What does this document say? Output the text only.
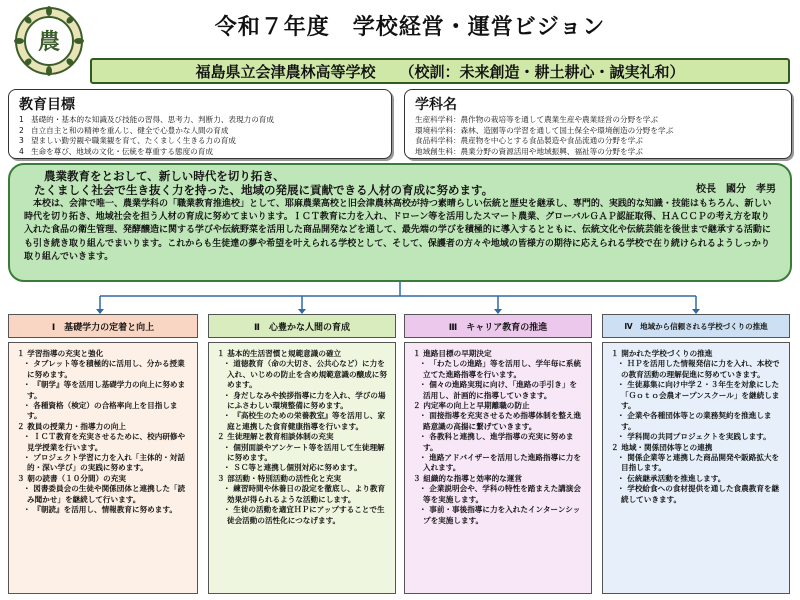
農
令和７年度　学校経営・運営ビジョン
福島県立会津農林高等学校 （校訓：未来創造・耕土耕心・誠実礼和）
教育目標
1 基礎的・基本的な知識及び技能の習得、思考力、判断力、表現力の育成
2 自立自主と和の精神を重んじ、健全で心豊かな人間の育成
3 望ましい勤労観や職業観を育て、たくましく生きる力の育成
4 生命を尊び、地域の文化・伝統を尊重する態度の育成
学科名
生産科学科：農作物の栽培等を通して農業生産や農業経営の分野を学ぶ
環境科学科：森林、造園等の学習を通して国土保全や環境創造の分野を学ぶ
食品科学科：農産物を中心とする食品製造や食品流通の分野を学ぶ
地域創生科：農業分野の資源活用や地域振興、福祉等の分野を学ぶ
農業教育をとおして、新しい時代を切り拓き、
たくましく社会で生き抜く力を持った、地域の発展に貢献できる人材の育成に努めます。	校長　國分　孝男
本校は、会津で唯一、農業学科の「職業教育推進校」として、耶麻農業高校と旧会津農林高校が持つ素晴らしい伝統と歴史を継承し、専門的、実践的な知識・技能はもちろん、新しい時代を切り拓き、地域社会を担う人材の育成に努めてまいります。ＩＣＴ教育に力を入れ、ドローン等を活用したスマート農業、グローバルＧＡＰ認証取得、ＨＡＣＣＰの考え方を取り入れた食品の衛生管理、発酵醸造に関する学びや伝統野菜を活用した商品開発などを通して、最先端の学びを積極的に導入するとともに、伝統文化や伝統芸能を後世まで継承する活動にも引き続き取り組んでまいります。これからも生徒達の夢や希望を叶えられる学校として、そして、保護者の方々や地域の皆様方の期待に応えられる学校で在り続けられるようしっかり取り組んでいきます。
Ⅰ　基礎学力の定着と向上	Ⅱ　心豊かな人間の育成	Ⅲ　キャリア教育の推進	Ⅳ　地域から信頼される学校づくりの推進
１ 学習指導の充実と強化
・ タブレット等を積極的に活用し、分かる授業に努めます。
・ 『朝学』等を活用し基礎学力の向上に努めます。
・ 各種資格（検定）の合格率向上を目指します。
２ 教員の授業力・指導力の向上
・ ＩＣＴ教育を充実させるために、校内研修や見学授業を行います。
・ プロジェクト学習に力を入れ「主体的・対話的・深い学び」の実践に努めます。
３ 朝の読書（１０分間）の充実
・ 図書委員会の生徒や関係団体と連携した「読み聞かせ」を継続して行います。
・ 『朝読』を活用し、情報教育に努めます。
１ 基本的生活習慣と規範意識の確立
・ 道徳教育（命の大切さ、公共心など）に力を入れ、いじめの防止を含め規範意識の醸成に努めます。
・ 身だしなみや挨拶指導に力を入れ、学びの場にふさわしい環境整備に努めます。
・ 『高校生のための栄養教室』等を活用し、家庭と連携した食育健康指導を行います。
２ 生徒理解と教育相談体制の充実
・ 個別面談やアンケート等を活用して生徒理解に努めます。
・ ＳＣ等と連携し個別対応に努めます。
３ 部活動・特別活動の活性化と充実
・ 練習時間や休養日の設定を徹底し、より教育効果が得られるような活動にします。
・ 生徒の活動を適宜ＨＰにアップすることで生徒会活動の活性化につなげます。
１ 進路目標の早期決定
・ 「わたしの進路」等を活用し、学年毎に系統立てた進路指導を行います。
・ 個々の進路実現に向け、「進路の手引き」を活用し、計画的に指導していきます。
２ 内定率の向上と早期離職の防止
・ 面接指導を充実させるため指導体制を整え進路意識の高揚に繋げていきます。
・ 各教科と連携し、進学指導の充実に努めます。
・ 進路アドバイザーを活用した進路指導に力を入れます。
３ 組織的な指導と効率的な運営
・ 企業説明会や、学科の特性を踏まえた講演会等を実施します。
・ 事前・事後指導に力を入れたインターンシップを実施します。
１ 開かれた学校づくりの推進
・ ＨＰを活用した情報発信に力を入れ、本校での教育活動の理解促進に努めていきます。
・ 生徒募集に向け中学２・３年生を対象にした「Ｇｏｔｏ会農オープンスクール」を継続します。
・ 企業や各種団体等との業務契約を推進します。
・ 学科間の共同プロジェクトを実践します。
２ 地域・関係団体等との連携
・ 関係企業等と連携した商品開発や販路拡大を目指します。
・ 伝統継承活動を推進します。
・ 学校給食への食材提供を通した食農教育を継続していきます。
